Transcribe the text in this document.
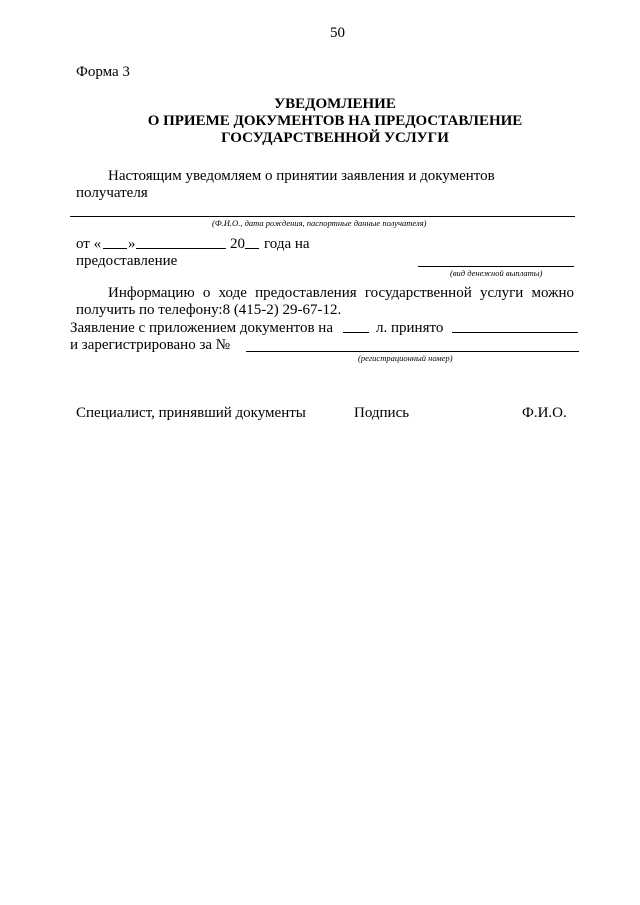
50
Форма 3
УВЕДОМЛЕНИЕ
О ПРИЕМЕ ДОКУМЕНТОВ НА ПРЕДОСТАВЛЕНИЕ
ГОСУДАРСТВЕННОЙ УСЛУГИ
Настоящим уведомляем о принятии заявления и документов
получателя
(Ф.И.О., дата рождения, паспортные данные получателя)
от « »	20 года на
предоставление
(вид денежной выплаты)
Информацию о ходе предоставления государственной услуги можно
получить по телефону:8 (415-2) 29-67-12.
Заявление с приложением документов на	л. принято
и зарегистрировано за №
(регистрационный номер)
Специалист, принявший документы	Подпись	Ф.И.О.
